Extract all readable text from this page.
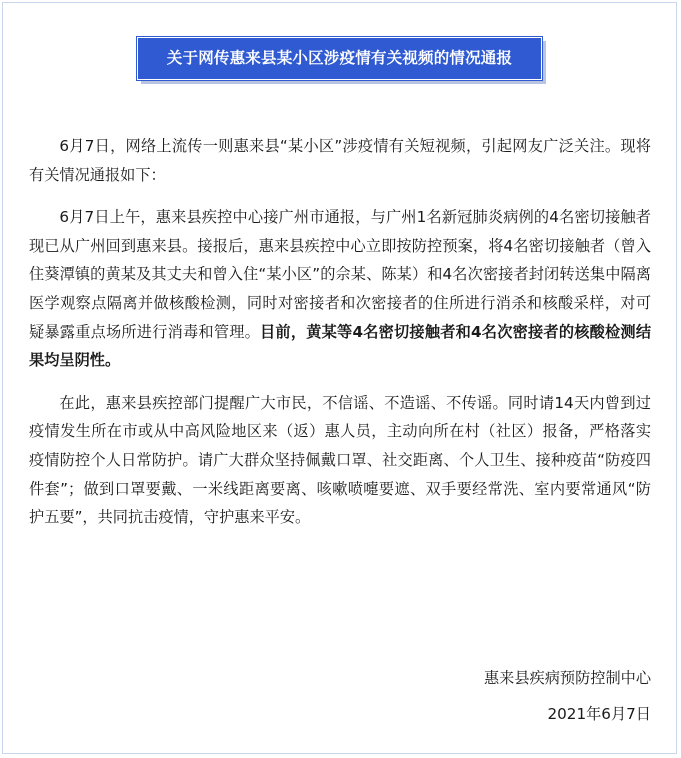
关于网传惠来县某小区涉疫情有关视频的情况通报

6月7日，网络上流传一则惠来县“某小区”涉疫情有关短视频，引起网友广泛关注。现将有关情况通报如下：

6月7日上午，惠来县疾控中心接广州市通报，与广州1名新冠肺炎病例的4名密切接触者现已从广州回到惠来县。接报后，惠来县疾控中心立即按防控预案，将4名密切接触者（曾入住葵潭镇的黄某及其丈夫和曾入住“某小区”的佘某、陈某）和4名次密接者封闭转送集中隔离医学观察点隔离并做核酸检测，同时对密接者和次密接者的住所进行消杀和核酸采样，对可疑暴露重点场所进行消毒和管理。目前，黄某等4名密切接触者和4名次密接者的核酸检测结果均呈阴性。

在此，惠来县疾控部门提醒广大市民，不信谣、不造谣、不传谣。同时请14天内曾到过疫情发生所在市或从中高风险地区来（返）惠人员，主动向所在村（社区）报备，严格落实疫情防控个人日常防护。请广大群众坚持佩戴口罩、社交距离、个人卫生、接种疫苗“防疫四件套”；做到口罩要戴、一米线距离要离、咳嗽喷嚏要遮、双手要经常洗、室内要常通风“防护五要”，共同抗击疫情，守护惠来平安。

惠来县疾病预防控制中心
2021年6月7日
